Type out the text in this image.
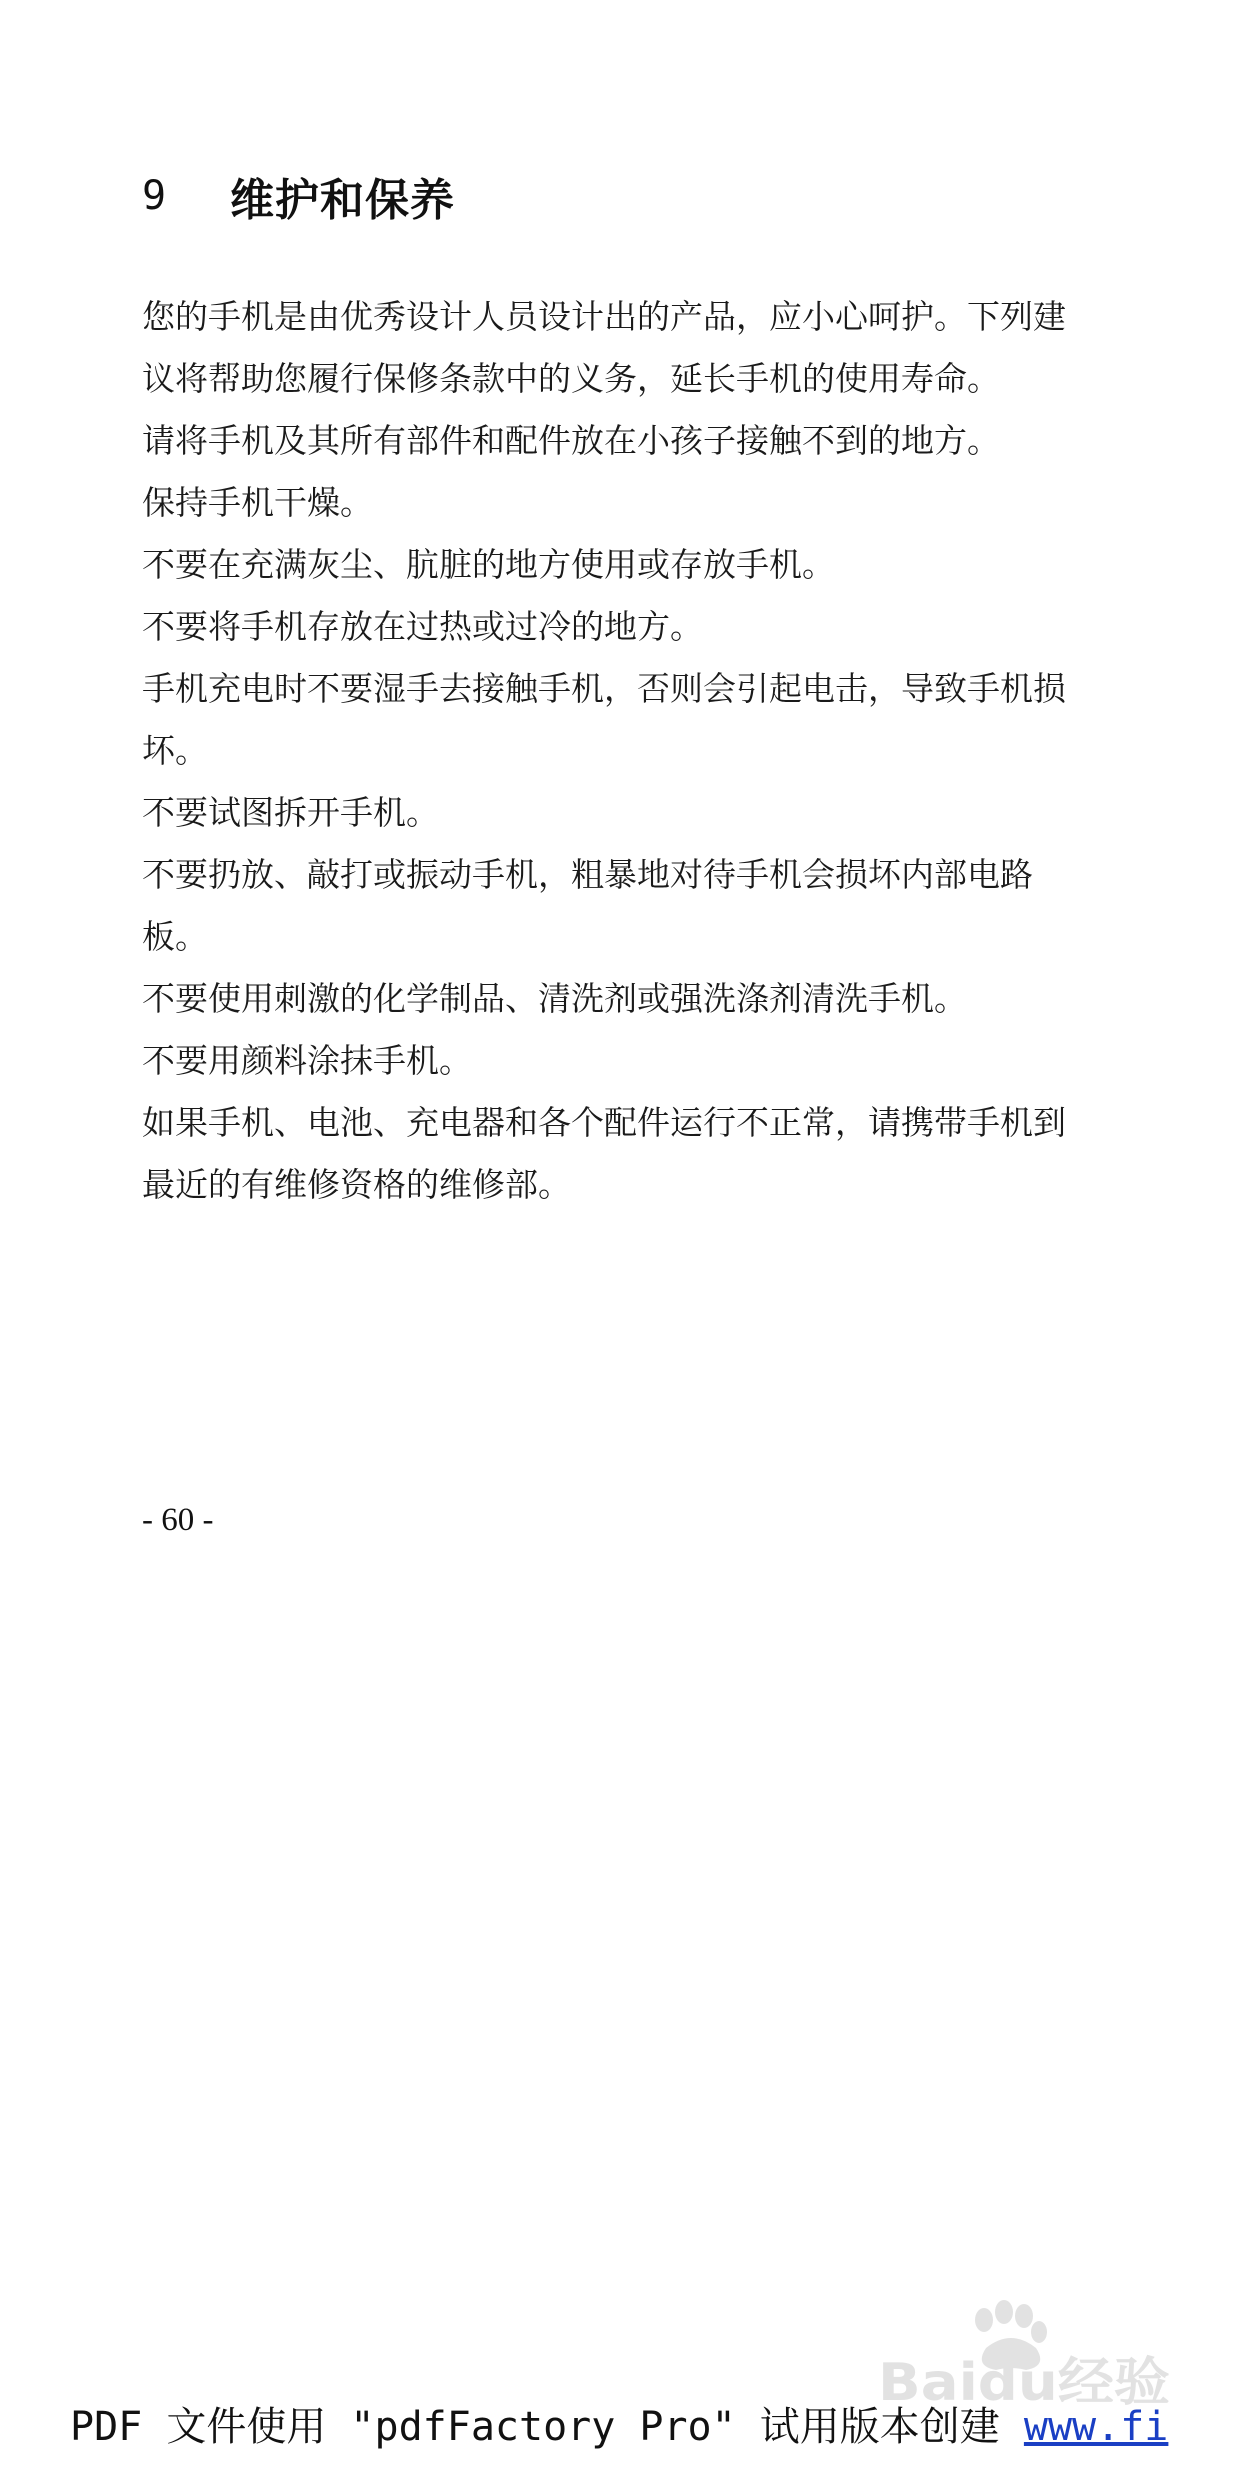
9	维护和保养

您的手机是由优秀设计人员设计出的产品，应小心呵护。下列建议将帮助您履行保修条款中的义务，延长手机的使用寿命。

请将手机及其所有部件和配件放在小孩子接触不到的地方。

保持手机干燥。

不要在充满灰尘、肮脏的地方使用或存放手机。

不要将手机存放在过热或过冷的地方。

手机充电时不要湿手去接触手机，否则会引起电击，导致手机损坏。

不要试图拆开手机。

不要扔放、敲打或振动手机，粗暴地对待手机会损坏内部电路板。

不要使用刺激的化学制品、清洗剂或强洗涤剂清洗手机。

不要用颜料涂抹手机。

如果手机、电池、充电器和各个配件运行不正常，请携带手机到最近的有维修资格的维修部。

- 60 -
Baidu经验
PDF 文件使用 "pdfFactory Pro" 试用版本创建 www.fi
